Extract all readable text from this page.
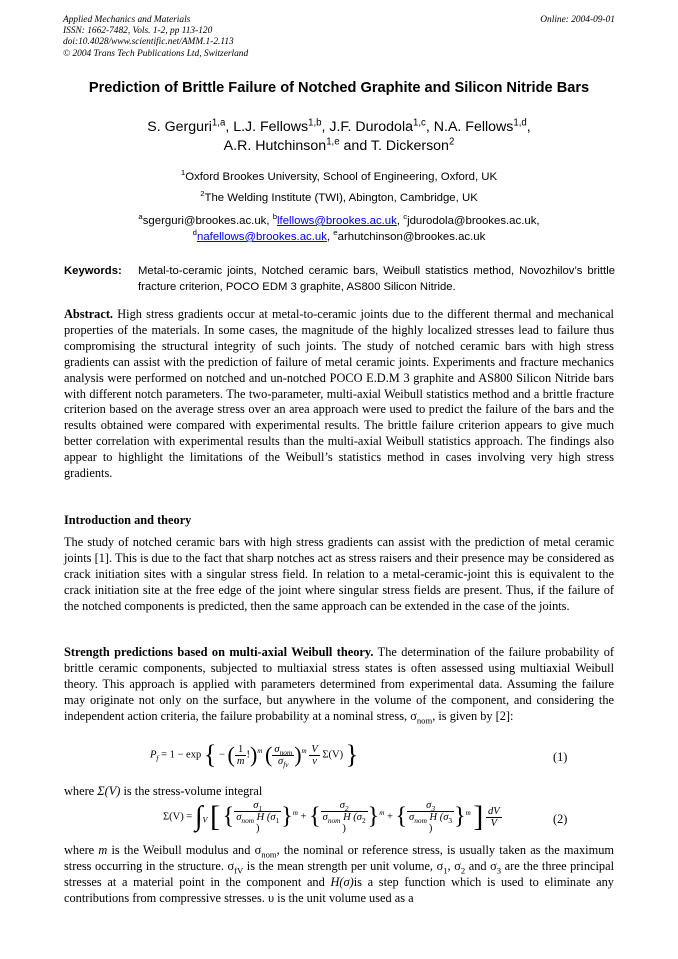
Applied Mechanics and Materials
ISSN: 1662-7482, Vols. 1-2, pp 113-120
doi:10.4028/www.scientific.net/AMM.1-2.113
© 2004 Trans Tech Publications Ltd, Switzerland
Online: 2004-09-01
Prediction of Brittle Failure of Notched Graphite and Silicon Nitride Bars
S. Gerguri$^{1,a}$, L.J. Fellows$^{1,b}$, J.F. Durodola$^{1,c}$, N.A. Fellows$^{1,d}$,
A.R. Hutchinson$^{1,e}$ and T. Dickerson$^2$
$^1$Oxford Brookes University, School of Engineering, Oxford, UK
$^2$The Welding Institute (TWI), Abington, Cambridge, UK
$^a$sgerguri@brookes.ac.uk, $^b$lfellows@brookes.ac.uk, $^c$jdurodola@brookes.ac.uk,
$^d$nafellows@brookes.ac.uk, $^e$arhutchinson@brookes.ac.uk
Keywords: Metal-to-ceramic joints, Notched ceramic bars, Weibull statistics method, Novozhilov’s brittle fracture criterion, POCO EDM 3 graphite, AS800 Silicon Nitride.
Abstract. High stress gradients occur at metal-to-ceramic joints due to the different thermal and mechanical properties of the materials. In some cases, the magnitude of the highly localized stresses lead to failure thus compromising the structural integrity of such joints. The study of notched ceramic bars with high stress gradients can assist with the prediction of failure of metal ceramic joints. Experiments and fracture mechanics analysis were performed on notched and un-notched POCO E.D.M 3 graphite and AS800 Silicon Nitride bars with different notch parameters. The two-parameter, multi-axial Weibull statistics method and a brittle fracture criterion based on the average stress over an area approach were used to predict the failure of the bars and the results obtained were compared with experimental results. The brittle failure criterion appears to give much better correlation with experimental results than the multi-axial Weibull statistics approach. The findings also appear to highlight the limitations of the Weibull’s statistics method in cases involving very high stress gradients.
Introduction and theory
The study of notched ceramic bars with high stress gradients can assist with the prediction of metal ceramic joints [1]. This is due to the fact that sharp notches act as stress raisers and their presence may be considered as crack initiation sites with a singular stress field. In relation to a metal-ceramic-joint this is equivalent to the crack initiation site at the free edge of the joint where singular stress fields are present. Thus, if the failure of the notched components is predicted, then the same approach can be extended in the case of the joints.
Strength predictions based on multi-axial Weibull theory. The determination of the failure probability of brittle ceramic components, subjected to multiaxial stress states is often assessed using multiaxial Weibull theory. This approach is applied with parameters determined from experimental data. Assuming the failure may originate not only on the surface, but anywhere in the volume of the component, and considering the independent action criteria, the failure probability at a nominal stress, $\sigma_{nom}$, is given by [2]:
$P_f = 1 - \exp$ { − ( $\frac{1}{m} !)^m$ ( $\frac{\sigma_{nom}}{\sigma_{fv}} )^m \frac{V}{v} \Sigma(V)$ }	(1)
where Σ(V) is the stress-volume integral
$\Sigma(V) = \int_V$ [ { $\sigma_1$
$\sigma_{nom}$ H ($\sigma_1$
) }$^m$ + { $\sigma_2$
$\sigma_{nom}$ H ($\sigma_2$
) }$^m$ + { $\sigma_3$
$\sigma_{nom}$ H ($\sigma_3$
) }$^m$ ] $\frac{dV}{V}$	(2)
where m is the Weibull modulus and $\sigma_{nom}$, the nominal or reference stress, is usually taken as the maximum stress occurring in the structure. $\sigma_{fV}$ is the mean strength per unit volume, $\sigma_1$, $\sigma_2$ and $\sigma_3$ are the three principal stresses at a material point in the component and H(σ)is a step function which is used to eliminate any contributions from compressive stresses. υ is the unit volume used as a
